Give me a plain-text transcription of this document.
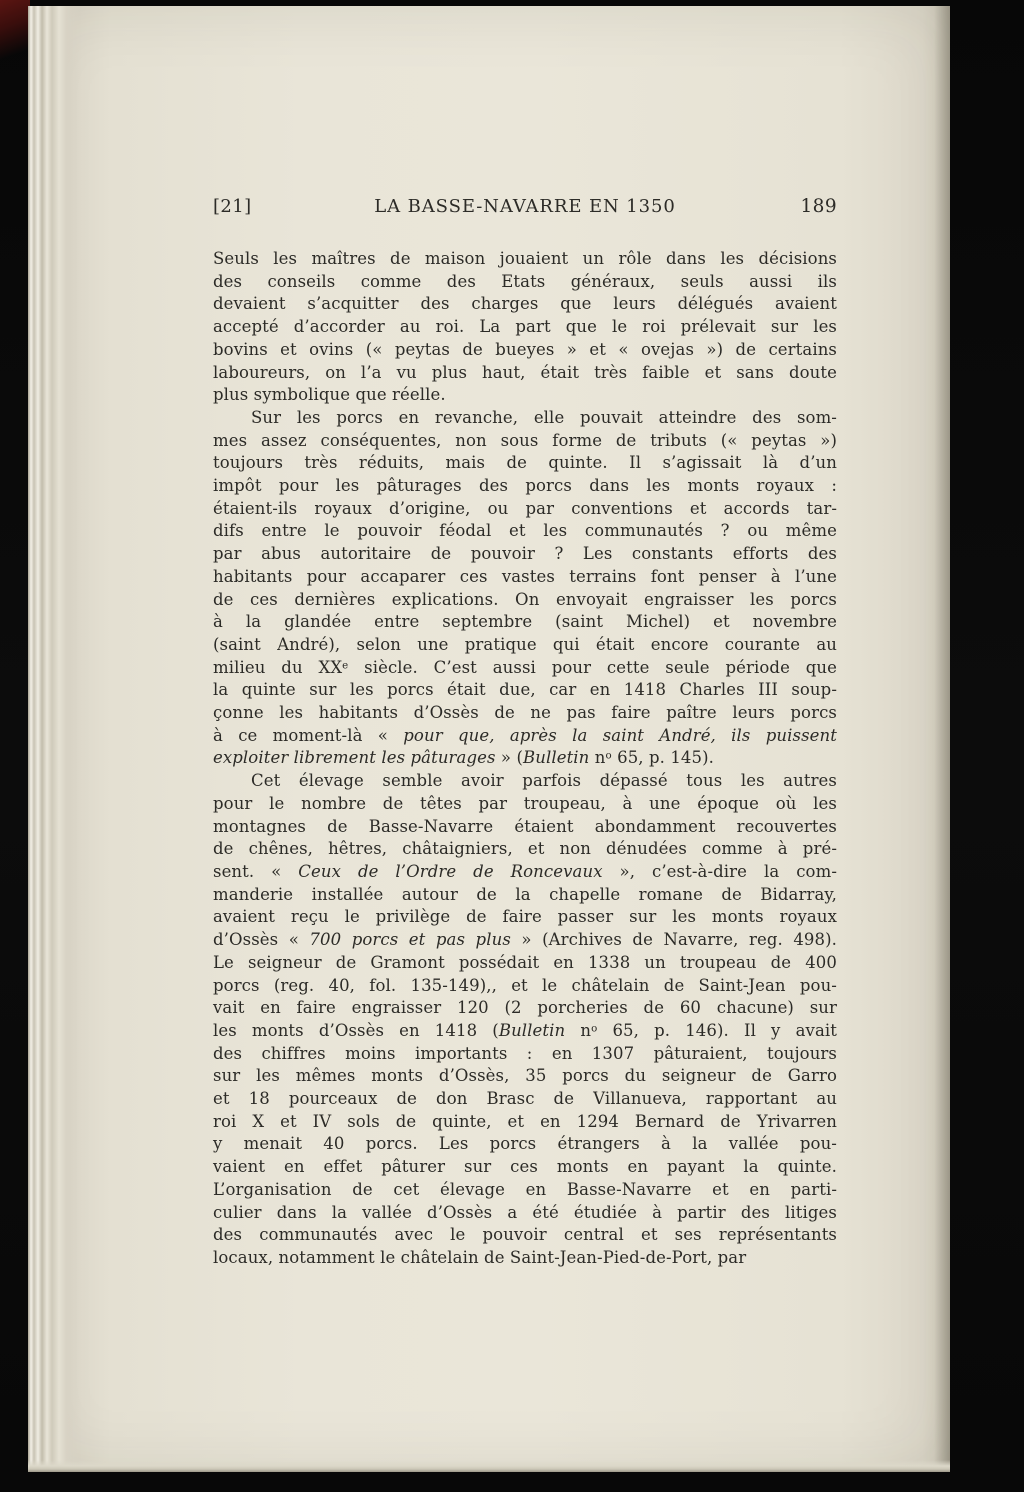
[21]	LA BASSE-NAVARRE EN 1350	189
Seuls les maîtres de maison jouaient un rôle dans les décisions
des conseils comme des Etats généraux, seuls aussi ils
devaient s’acquitter des charges que leurs délégués avaient
accepté d’accorder au roi. La part que le roi prélevait sur les
bovins et ovins (« peytas de bueyes » et « ovejas ») de certains
laboureurs, on l’a vu plus haut, était très faible et sans doute
plus symbolique que réelle.
Sur les porcs en revanche, elle pouvait atteindre des som-
mes assez conséquentes, non sous forme de tributs (« peytas »)
toujours très réduits, mais de quinte. Il s’agissait là d’un
impôt pour les pâturages des porcs dans les monts royaux :
étaient-ils royaux d’origine, ou par conventions et accords tar-
difs entre le pouvoir féodal et les communautés ? ou même
par abus autoritaire de pouvoir ? Les constants efforts des
habitants pour accaparer ces vastes terrains font penser à l’une
de ces dernières explications. On envoyait engraisser les porcs
à la glandée entre septembre (saint Michel) et novembre
(saint André), selon une pratique qui était encore courante au
milieu du XXe siècle. C’est aussi pour cette seule période que
la quinte sur les porcs était due, car en 1418 Charles III soup-
çonne les habitants d’Ossès de ne pas faire paître leurs porcs
à ce moment-là « pour que, après la saint André, ils puissent
exploiter librement les pâturages » (Bulletin $n^o$ 65, p. 145).
Cet élevage semble avoir parfois dépassé tous les autres
pour le nombre de têtes par troupeau, à une époque où les
montagnes de Basse-Navarre étaient abondamment recouvertes
de chênes, hêtres, châtaigniers, et non dénudées comme à pré-
sent. « Ceux de l’Ordre de Roncevaux », c’est-à-dire la com-
manderie installée autour de la chapelle romane de Bidarray,
avaient reçu le privilège de faire passer sur les monts royaux
d’Ossès « 700 porcs et pas plus » (Archives de Navarre, reg. 498).
Le seigneur de Gramont possédait en 1338 un troupeau de 400
porcs (reg. 40, fol. 135-149),, et le châtelain de Saint-Jean pou-
vait en faire engraisser 120 (2 porcheries de 60 chacune) sur
les monts d’Ossès en 1418 (Bulletin $n^o$ 65, p. 146). Il y avait
des chiffres moins importants : en 1307 pâturaient, toujours
sur les mêmes monts d’Ossès, 35 porcs du seigneur de Garro
et 18 pourceaux de don Brasc de Villanueva, rapportant au
roi X et IV sols de quinte, et en 1294 Bernard de Yrivarren
y menait 40 porcs. Les porcs étrangers à la vallée pou-
vaient en effet pâturer sur ces monts en payant la quinte.
L’organisation de cet élevage en Basse-Navarre et en parti-
culier dans la vallée d’Ossès a été étudiée à partir des litiges
des communautés avec le pouvoir central et ses représentants
locaux, notamment le châtelain de Saint-Jean-Pied-de-Port, par
